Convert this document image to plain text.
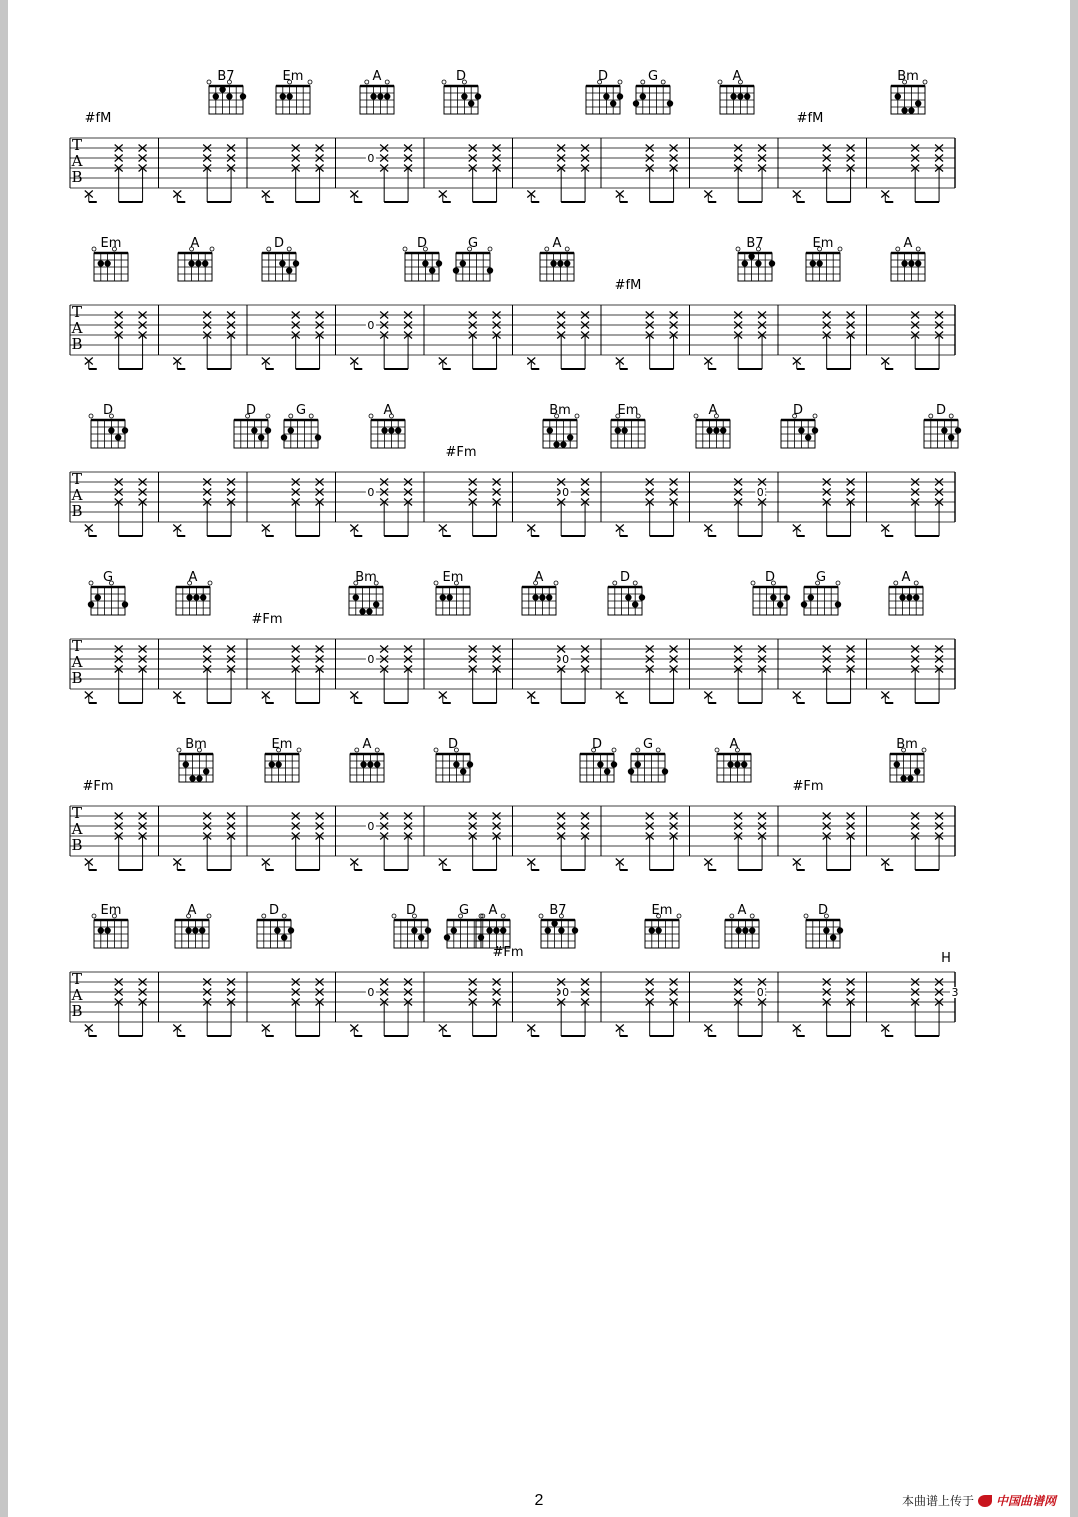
B7	Em	A	D	D	G	A	Bm
#fM	#fM
T
A
B
0
Em	A	D	D	G	A	B7	Em	A
#fM
T
A
B
0
D	D	G	A	Bm	Em	A	D	D
#Fm
T
A
B
0	0	0
G	A	Bm	Em	A	D	D	G	A
#Fm
T
A
B
0	0
Bm	Em	A	D	D	G	A	Bm
#Fm	#Fm
T
A
B
0
Em	A	D	D	G A	B7	Em	A	D
#Fm	H
T
A
B
0	0	0	3
2	本曲谱上传于 中国曲谱网
